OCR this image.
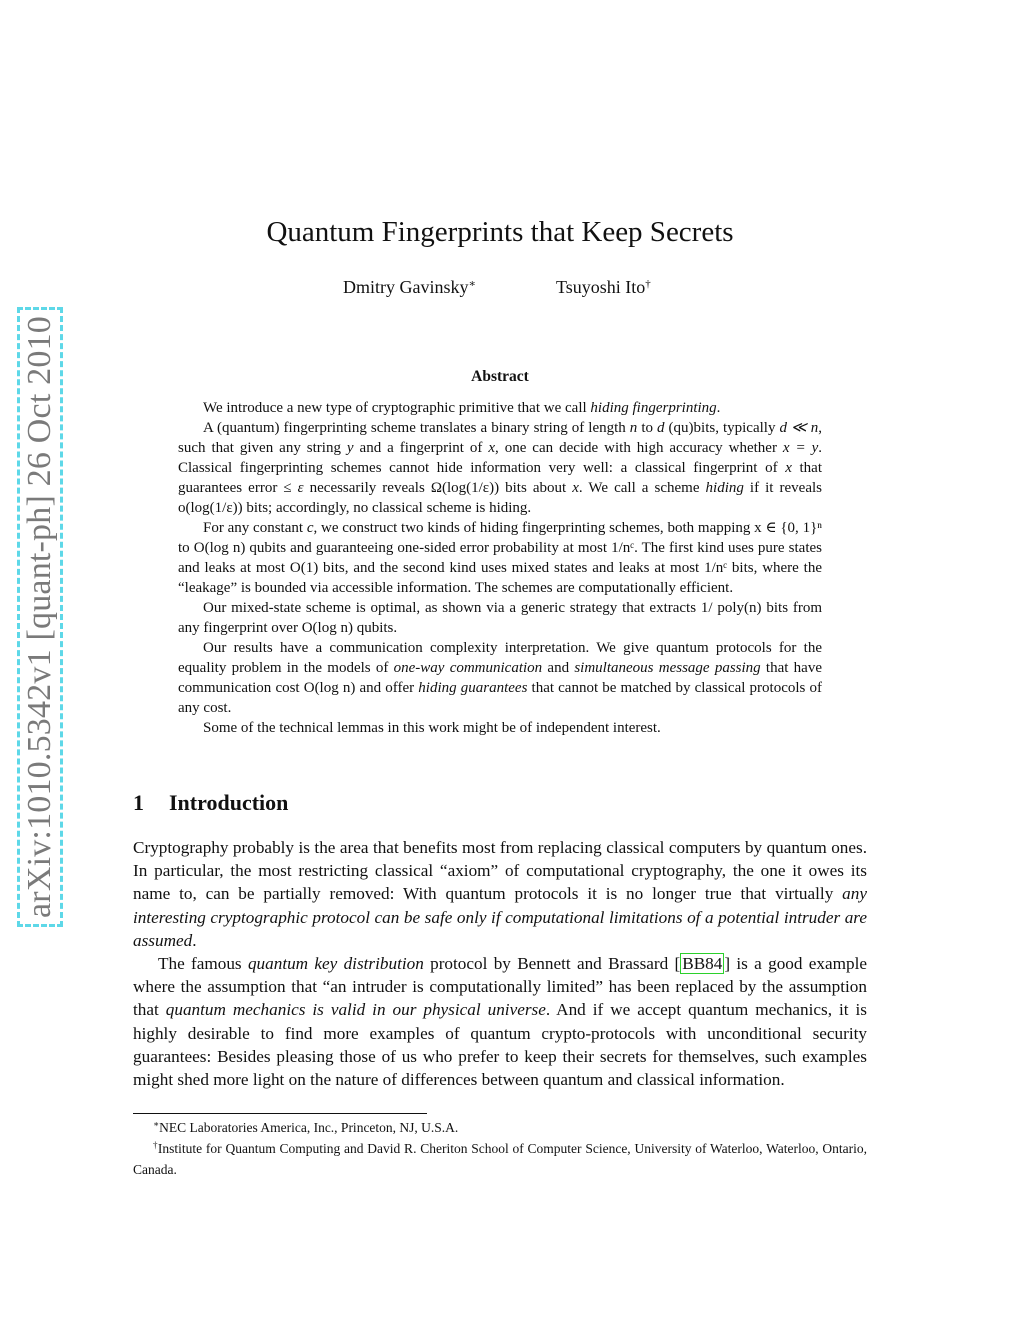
arXiv:1010.5342v1 [quant-ph] 26 Oct 2010
Quantum Fingerprints that Keep Secrets
Dmitry Gavinsky∗	Tsuyoshi Ito†
Abstract

We introduce a new type of cryptographic primitive that we call hiding fingerprinting.

A (quantum) fingerprinting scheme translates a binary string of length n to d (qu)bits, typically d ≪ n, such that given any string y and a fingerprint of x, one can decide with high accuracy whether x = y. Classical fingerprinting schemes cannot hide information very well: a classical fingerprint of x that guarantees error ≤ ε necessarily reveals Ω(log(1/ε)) bits about x. We call a scheme hiding if it reveals o(log(1/ε)) bits; accordingly, no classical scheme is hiding.

For any constant c, we construct two kinds of hiding fingerprinting schemes, both mapping x ∈ {0, 1}ⁿ to O(log n) qubits and guaranteeing one-sided error probability at most 1/nᶜ. The first kind uses pure states and leaks at most O(1) bits, and the second kind uses mixed states and leaks at most 1/nᶜ bits, where the “leakage” is bounded via accessible information. The schemes are computationally efficient.

Our mixed-state scheme is optimal, as shown via a generic strategy that extracts 1/ poly(n) bits from any fingerprint over O(log n) qubits.

Our results have a communication complexity interpretation. We give quantum protocols for the equality problem in the models of one-way communication and simultaneous message passing that have communication cost O(log n) and offer hiding guarantees that cannot be matched by classical protocols of any cost.

Some of the technical lemmas in this work might be of independent interest.

1 Introduction

Cryptography probably is the area that benefits most from replacing classical computers by quantum ones. In particular, the most restricting classical “axiom” of computational cryptography, the one it owes its name to, can be partially removed: With quantum protocols it is no longer true that virtually any interesting cryptographic protocol can be safe only if computational limitations of a potential intruder are assumed.

The famous quantum key distribution protocol by Bennett and Brassard [ BB84 ] is a good example where the assumption that “an intruder is computationally limited” has been replaced by the assumption that quantum mechanics is valid in our physical universe. And if we accept quantum mechanics, it is highly desirable to find more examples of quantum crypto-protocols with unconditional security guarantees: Besides pleasing those of us who prefer to keep their secrets for themselves, such examples might shed more light on the nature of differences between quantum and classical information.

∗NEC Laboratories America, Inc., Princeton, NJ, U.S.A.

†Institute for Quantum Computing and David R. Cheriton School of Computer Science, University of Waterloo, Waterloo, Ontario, Canada.
